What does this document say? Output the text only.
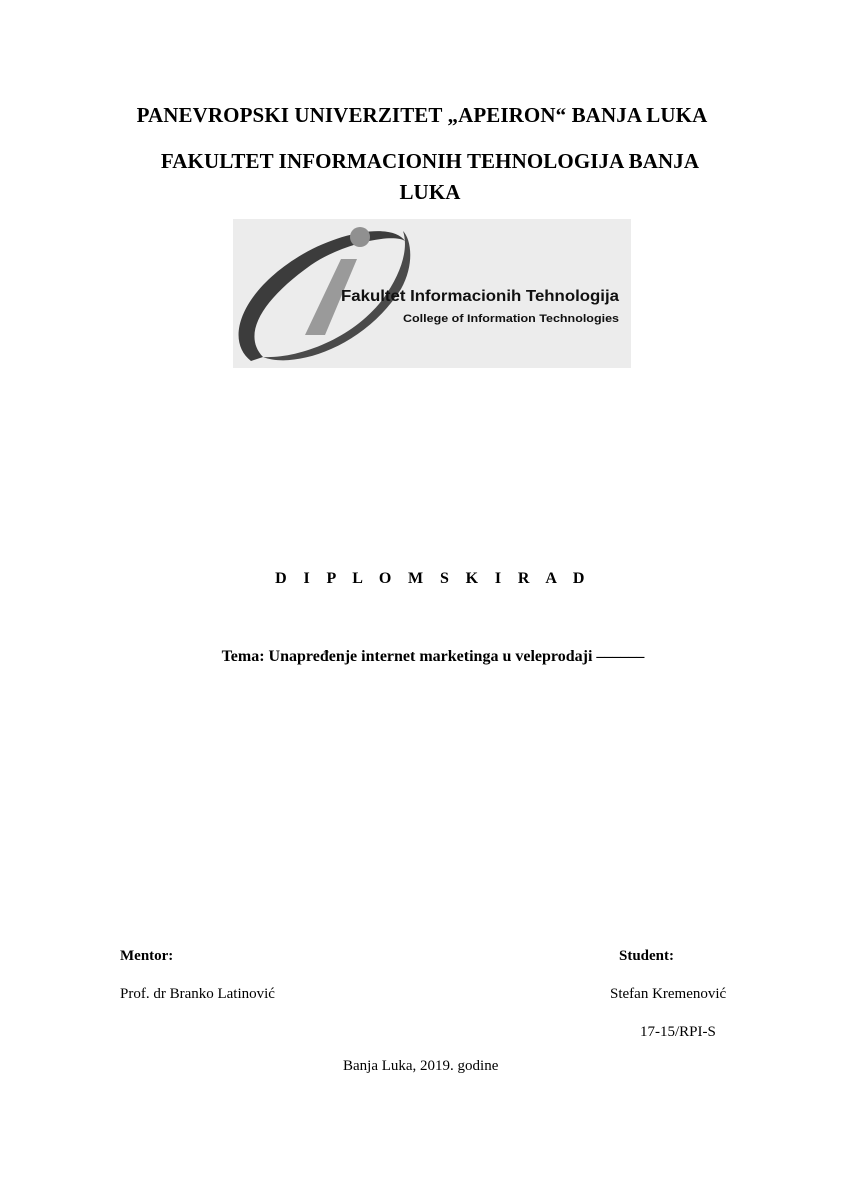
PANEVROPSKI UNIVERZITET „APEIRON“ BANJA LUKA
FAKULTET INFORMACIONIH TEHNOLOGIJA BANJA LUKA
Fakultet Informacionih Tehnologija
College of Information Technologies
D I P L O M S K I R A D
Tema: Unapređenje internet marketinga u veleprodaji ––––––
Mentor:	Student:
Prof. dr Branko Latinović	Stefan Kremenović
17-15/RPI-S
Banja Luka, 2019. godine
